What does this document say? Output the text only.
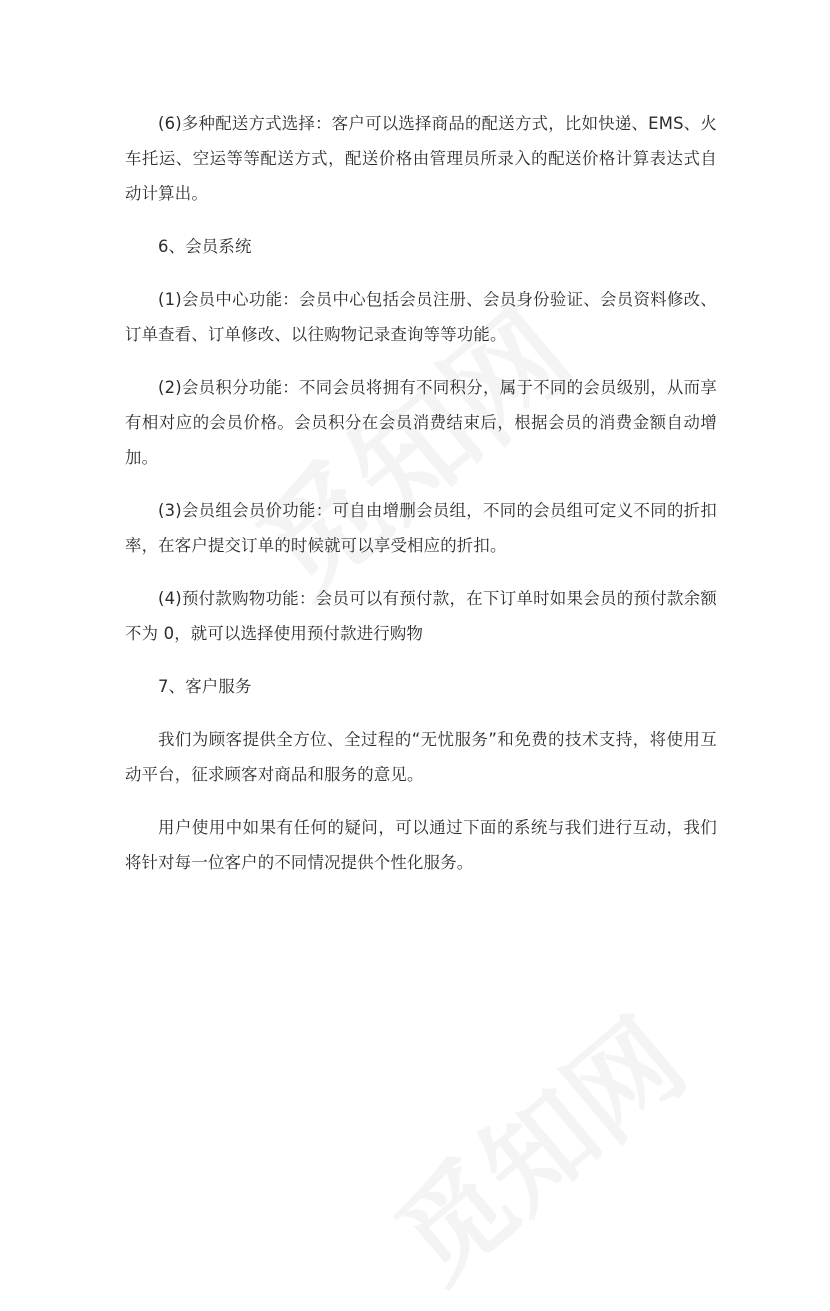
(6)多种配送方式选择：客户可以选择商品的配送方式，比如快递、EMS、火车托运、空运等等配送方式，配送价格由管理员所录入的配送价格计算表达式自动计算出。

6、会员系统

(1)会员中心功能：会员中心包括会员注册、会员身份验证、会员资料修改、订单查看、订单修改、以往购物记录查询等等功能。

(2)会员积分功能：不同会员将拥有不同积分，属于不同的会员级别，从而享有相对应的会员价格。会员积分在会员消费结束后，根据会员的消费金额自动增加。

(3)会员组会员价功能：可自由增删会员组，不同的会员组可定义不同的折扣率，在客户提交订单的时候就可以享受相应的折扣。

(4)预付款购物功能：会员可以有预付款，在下订单时如果会员的预付款余额不为 0，就可以选择使用预付款进行购物

7、客户服务

我们为顾客提供全方位、全过程的“无忧服务”和免费的技术支持，将使用互动平台，征求顾客对商品和服务的意见。

用户使用中如果有任何的疑问，可以通过下面的系统与我们进行互动，我们将针对每一位客户的不同情况提供个性化服务。
